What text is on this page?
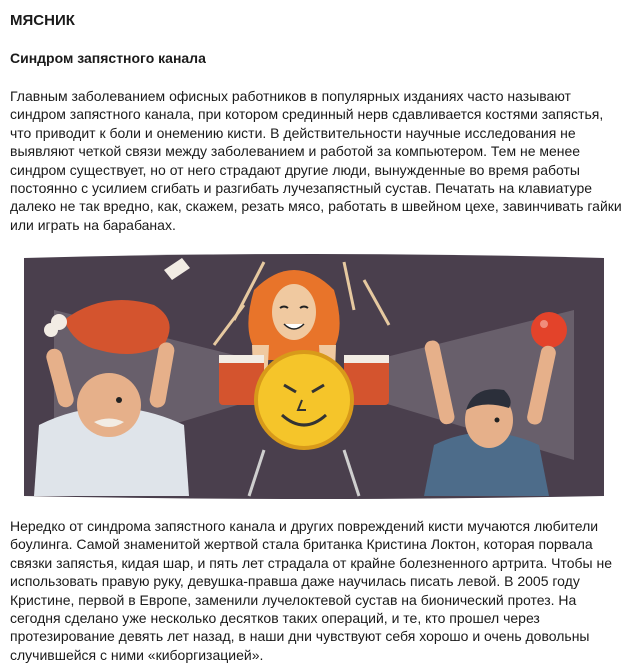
МЯСНИК
Синдром запястного канала

Главным заболеванием офисных работников в популярных изданиях часто называют синдром запястного канала, при котором срединный нерв сдавливается костями запястья, что приводит к боли и онемению кисти. В действительности научные исследования не выявляют четкой связи между заболеванием и работой за компьютером. Тем не менее синдром существует, но от него страдают другие люди, вынужденные во время работы постоянно с усилием сгибать и разгибать лучезапястный сустав. Печатать на клавиатуре далеко не так вредно, как, скажем, резать мясо, работать в швейном цехе, завинчивать гайки или играть на барабанах.

Нередко от синдрома запястного канала и других повреждений кисти мучаются любители боулинга. Самой знаменитой жертвой стала британка Кристина Локтон, которая порвала связки запястья, кидая шар, и пять лет страдала от крайне болезненного артрита. Чтобы не использовать правую руку, девушка-правша даже научилась писать левой. В 2005 году Кристине, первой в Европе, заменили лучелоктевой сустав на бионический протез. На сегодня сделано уже несколько десятков таких операций, и те, кто прошел через протезирование девять лет назад, в наши дни чувствуют себя хорошо и очень довольны случившейся с ними «киборгизацией».
